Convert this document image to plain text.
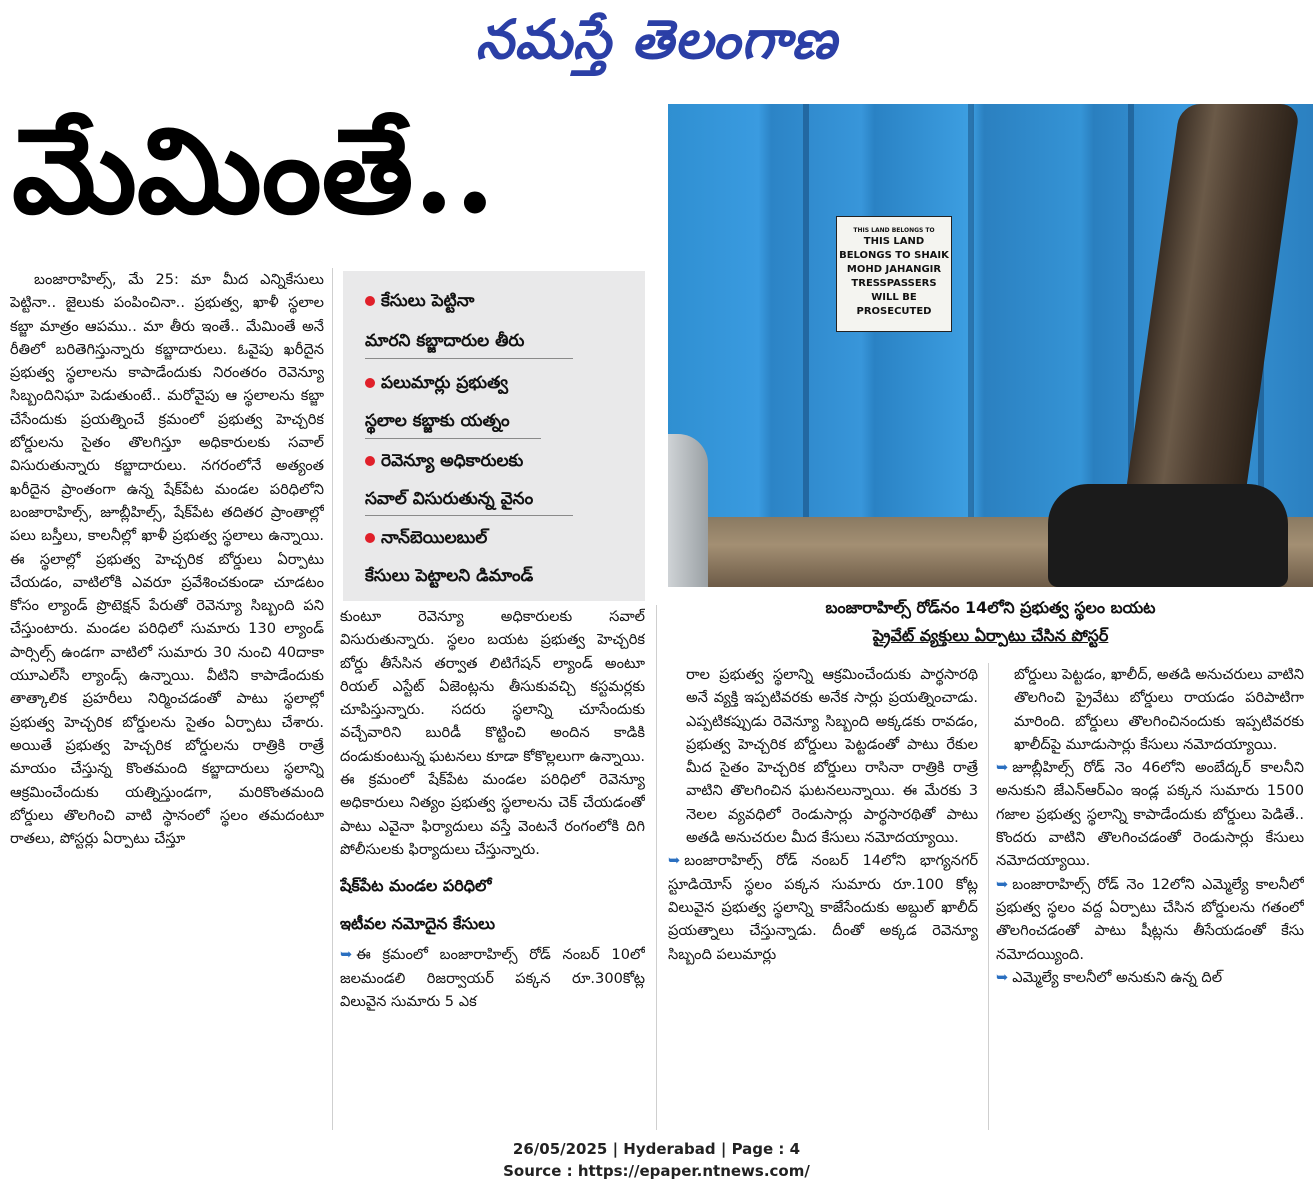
నమస్తే తెలంగాణ
మేమింతే..
కేసులు పెట్టినా
మారని కబ్జాదారుల తీరు
పలుమార్లు ప్రభుత్వ
స్థలాల కబ్జాకు యత్నం
రెవెన్యూ అధికారులకు
సవాల్ విసురుతున్న వైనం
నాన్‌బెయిలబుల్
కేసులు పెట్టాలని డిమాండ్
THIS LAND BELONGS TO
THIS LAND BELONGS TO SHAIK MOHD JAHANGIR TRESSPASSERS WILL BE PROSECUTED
బంజారాహిల్స్ రోడ్‌నం 14లోని ప్రభుత్వ స్థలం బయట
ప్రైవేట్ వ్యక్తులు ఏర్పాటు చేసిన పోస్టర్

బంజారాహిల్స్, మే 25: మా మీద ఎన్నికేసులు పెట్టినా.. జైలుకు పంపించినా.. ప్రభుత్వ, ఖాళీ స్థలాల కబ్జా మాత్రం ఆపము.. మా తీరు ఇంతే.. మేమింతే అనే రీతిలో బరితెగిస్తున్నారు కబ్జాదారులు. ఓవైపు ఖరీదైన ప్రభుత్వ స్థలాలను కాపాడేందుకు నిరంతరం రెవెన్యూ సిబ్బందినిఘా పెడుతుంటే.. మరోవైపు ఆ స్థలాలను కబ్జా చేసేందుకు ప్రయత్నించే క్రమంలో ప్రభుత్వ హెచ్చరిక బోర్డులను సైతం తొలగిస్తూ అధికారులకు సవాల్ విసురుతున్నారు కబ్జాదారులు. నగరంలోనే అత్యంత ఖరీదైన ప్రాంతంగా ఉన్న షేక్‌పేట మండల పరిధిలోని బంజారాహిల్స్, జూబ్లీహిల్స్, షేక్‌పేట తదితర ప్రాంతాల్లో పలు బస్తీలు, కాలనీల్లో ఖాళీ ప్రభుత్వ స్థలాలు ఉన్నాయి. ఈ స్థలాల్లో ప్రభుత్వ హెచ్చరిక బోర్డులు ఏర్పాటు చేయడం, వాటిలోకి ఎవరూ ప్రవేశించకుండా చూడటం కోసం ల్యాండ్ ప్రొటెక్షన్ పేరుతో రెవెన్యూ సిబ్బంది పని చేస్తుంటారు. మండల పరిధిలో సుమారు 130 ల్యాండ్ పార్సిల్స్ ఉండగా వాటిలో సుమారు 30 నుంచి 40దాకా యూఎల్‌సీ ల్యాండ్స్ ఉన్నాయి. వీటిని కాపాడేందుకు తాత్కాలిక ప్రహరీలు నిర్మించడంతో పాటు స్థలాల్లో ప్రభుత్వ హెచ్చరిక బోర్డులను సైతం ఏర్పాటు చేశారు. అయితే ప్రభుత్వ హెచ్చరిక బోర్డులను రాత్రికి రాత్రే మాయం చేస్తున్న కొంతమంది కబ్జాదారులు స్థలాన్ని ఆక్రమించేందుకు యత్నిస్తుండగా, మరికొంతమంది బోర్డులు తొలగించి వాటి స్థానంలో స్థలం తమదంటూ రాతలు, పోస్టర్లు ఏర్పాటు చేస్తూ

కుంటూ రెవెన్యూ అధికారులకు సవాల్ విసురుతున్నారు. స్థలం బయట ప్రభుత్వ హెచ్చరిక బోర్డు తీసేసిన తర్వాత లిటిగేషన్ ల్యాండ్ అంటూ రియల్ ఎస్టేట్ ఏజెంట్లను తీసుకువచ్చి కస్టమర్లకు చూపిస్తున్నారు. సదరు స్థలాన్ని చూసేందుకు వచ్చేవారిని బురిడీ కొట్టించి అందిన కాడికి దండుకుంటున్న ఘటనలు కూడా కోకొల్లలుగా ఉన్నాయి. ఈ క్రమంలో షేక్‌పేట మండల పరిధిలో రెవెన్యూ అధికారులు నిత్యం ప్రభుత్వ స్థలాలను చెక్ చేయడంతో పాటు ఎవైనా ఫిర్యాదులు వస్తే వెంటనే రంగంలోకి దిగి పోలీసులకు ఫిర్యాదులు చేస్తున్నారు.

షేక్‌పేట మండల పరిధిలో

ఇటీవల నమోదైన కేసులు

➥ ఈ క్రమంలో బంజారాహిల్స్ రోడ్ నంబర్ 10లో జలమండలి రిజర్వాయర్ పక్కన రూ.300కోట్ల విలువైన సుమారు 5 ఎక

రాల ప్రభుత్వ స్థలాన్ని ఆక్రమించేందుకు పార్థసారథి అనే వ్యక్తి ఇప్పటివరకు అనేక సార్లు ప్రయత్నించాడు. ఎప్పటికప్పుడు రెవెన్యూ సిబ్బంది అక్కడకు రావడం, ప్రభుత్వ హెచ్చరిక బోర్డులు పెట్టడంతో పాటు రేకుల మీద సైతం హెచ్చరిక బోర్డులు రాసినా రాత్రికి రాత్రే వాటిని తొలగించిన ఘటనలున్నాయి. ఈ మేరకు 3 నెలల వ్యవధిలో రెండుసార్లు పార్థసారథితో పాటు అతడి అనుచరుల మీద కేసులు నమోదయ్యాయి.

➥ బంజారాహిల్స్ రోడ్ నంబర్ 14లోని భాగ్యనగర్ స్టూడియోస్ స్థలం పక్కన సుమారు రూ.100 కోట్ల విలువైన ప్రభుత్వ స్థలాన్ని కాజేసేందుకు అబ్దుల్ ఖాలీద్ ప్రయత్నాలు చేస్తున్నాడు. దీంతో అక్కడ రెవెన్యూ సిబ్బంది పలుమార్లు

బోర్డులు పెట్టడం, ఖాలీద్, అతడి అనుచరులు వాటిని తొలగించి ప్రైవేటు బోర్డులు రాయడం పరిపాటిగా మారింది. బోర్డులు తొలగించినందుకు ఇప్పటివరకు ఖాలీద్‌పై మూడుసార్లు కేసులు నమోదయ్యాయి.

➥ జూబ్లీహిల్స్ రోడ్ నెం 46లోని అంబేద్కర్ కాలనీని అనుకుని జేఎన్‌ఆర్‌ఎం ఇండ్ల పక్కన సుమారు 1500 గజాల ప్రభుత్వ స్థలాన్ని కాపాడేందుకు బోర్డులు పెడితే.. కొందరు వాటిని తొలగించడంతో రెండుసార్లు కేసులు నమోదయ్యాయి.

➥ బంజారాహిల్స్ రోడ్ నెం 12లోని ఎమ్మెల్యే కాలనీలో ప్రభుత్వ స్థలం వద్ద ఏర్పాటు చేసిన బోర్డులను గతంలో తొలగించడంతో పాటు షీట్లను తీసేయడంతో కేసు నమోదయ్యింది.

➥ ఎమ్మెల్యే కాలనీలో అనుకుని ఉన్న దిల్

26/05/2025 | Hyderabad | Page : 4
Source : https://epaper.ntnews.com/
